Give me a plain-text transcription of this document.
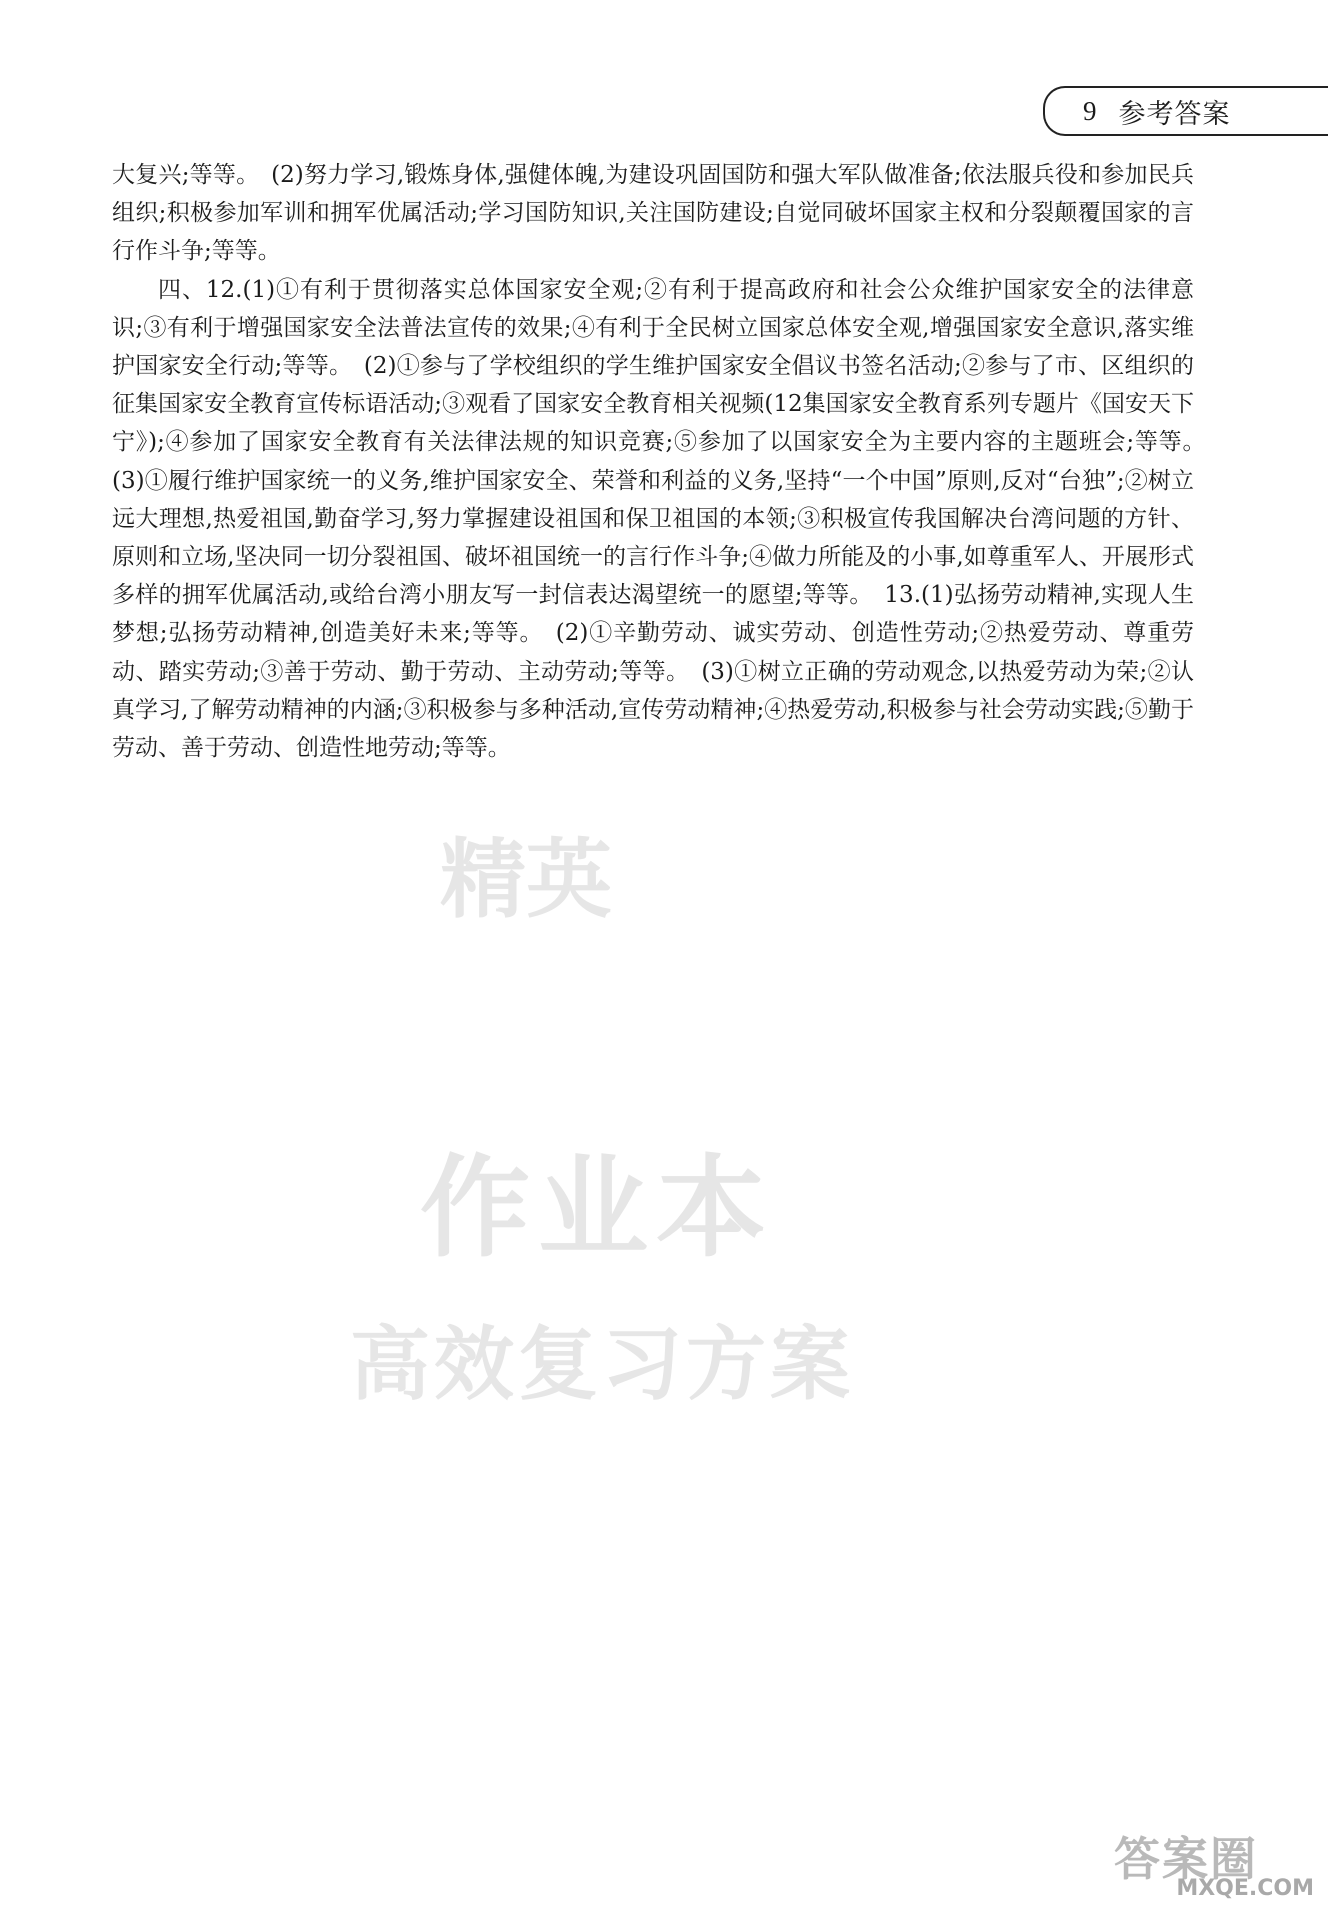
9 参考答案

大复兴;等等。　(2)努力学习,锻炼身体,强健体魄,为建设巩固国防和强大军队做准备;依法服兵役和参加民兵组织;积极参加军训和拥军优属活动;学习国防知识,关注国防建设;自觉同破坏国家主权和分裂颠覆国家的言行作斗争;等等。

四、12.(1)①有利于贯彻落实总体国家安全观;②有利于提高政府和社会公众维护国家安全的法律意识;③有利于增强国家安全法普法宣传的效果;④有利于全民树立国家总体安全观,增强国家安全意识,落实维护国家安全行动;等等。　(2)①参与了学校组织的学生维护国家安全倡议书签名活动;②参与了市、区组织的征集国家安全教育宣传标语活动;③观看了国家安全教育相关视频(12集国家安全教育系列专题片《国安天下宁》);④参加了国家安全教育有关法律法规的知识竞赛;⑤参加了以国家安全为主要内容的主题班会;等等。　(3)①履行维护国家统一的义务,维护国家安全、荣誉和利益的义务,坚持“一个中国”原则,反对“台独”;②树立远大理想,热爱祖国,勤奋学习,努力掌握建设祖国和保卫祖国的本领;③积极宣传我国解决台湾问题的方针、原则和立场,坚决同一切分裂祖国、破坏祖国统一的言行作斗争;④做力所能及的小事,如尊重军人、开展形式多样的拥军优属活动,或给台湾小朋友写一封信表达渴望统一的愿望;等等。　13.(1)弘扬劳动精神,实现人生梦想;弘扬劳动精神,创造美好未来;等等。　(2)①辛勤劳动、诚实劳动、创造性劳动;②热爱劳动、尊重劳动、踏实劳动;③善于劳动、勤于劳动、主动劳动;等等。　(3)①树立正确的劳动观念,以热爱劳动为荣;②认真学习,了解劳动精神的内涵;③积极参与多种活动,宣传劳动精神;④热爱劳动,积极参与社会劳动实践;⑤勤于劳动、善于劳动、创造性地劳动;等等。

精英
作业本
高效复习方案
答案圈
MXQE.COM
